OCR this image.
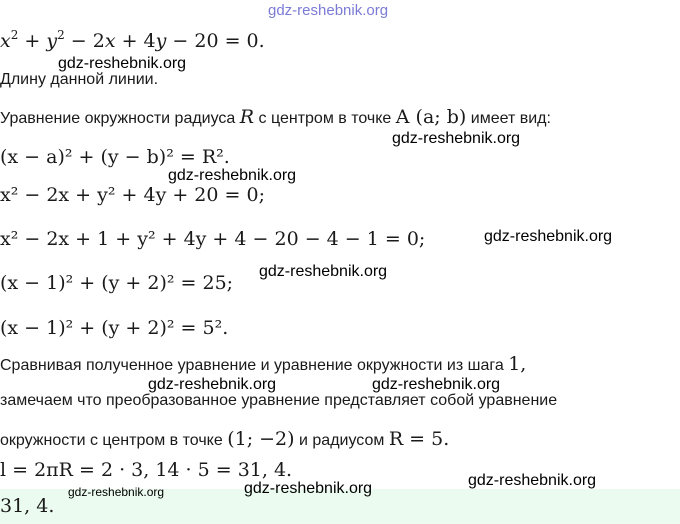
gdz-reshebnik.org
gdz-reshebnik.org
gdz-reshebnik.org
gdz-reshebnik.org
gdz-reshebnik.org
gdz-reshebnik.org
gdz-reshebnik.org	gdz-reshebnik.org
gdz-reshebnik.org
gdz-reshebnik.org
gdz-reshebnik.org
$x^2 + y^2 - 2x + 4y - 20 = 0$.
Длину данной линии.
Уравнение окружности радиуса R с центром в точке A (a; b) имеет вид:
(x − a)² + (y − b)² = R².
x² − 2x + y² + 4y + 20 = 0;
x² − 2x + 1 + y² + 4y + 4 − 20 − 4 − 1 = 0;
(x − 1)² + (y + 2)² = 25;
(x − 1)² + (y + 2)² = 5².
Сравнивая полученное уравнение и уравнение окружности из шага 1,
замечаем что преобразованное уравнение представляет собой уравнение
окружности с центром в точке (1; −2) и радиусом R = 5.
l = 2πR = 2 · 3, 14 · 5 = 31, 4.
31, 4.
